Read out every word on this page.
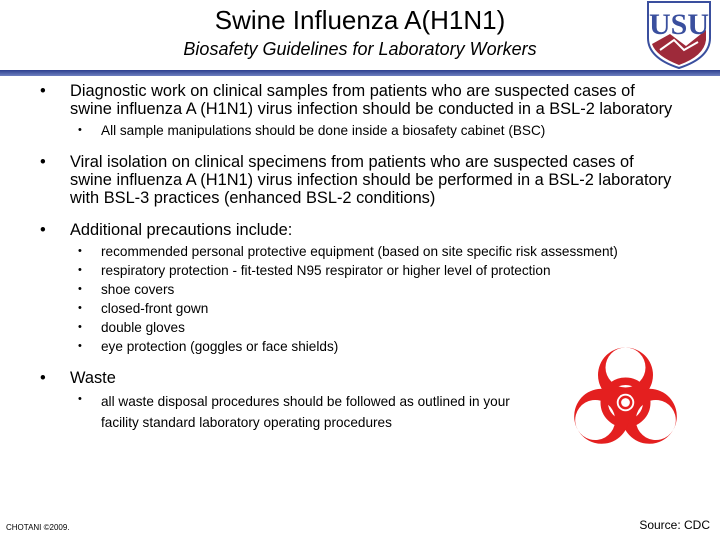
Swine Influenza A(H1N1)
Biosafety Guidelines for Laboratory Workers
USU
• Diagnostic work on clinical samples from patients who are suspected cases of swine influenza A (H1N1) virus infection should be conducted in a BSL-2 laboratory
• All sample manipulations should be done inside a biosafety cabinet (BSC)
• Viral isolation on clinical specimens from patients who are suspected cases of swine influenza A (H1N1) virus infection should be performed in a BSL-2 laboratory with BSL-3 practices (enhanced BSL-2 conditions)
• Additional precautions include:
• recommended personal protective equipment (based on site specific risk assessment)
• respiratory protection - fit-tested N95 respirator or higher level of protection
• shoe covers
• closed-front gown
• double gloves
• eye protection (goggles or face shields)
• Waste
• all waste disposal procedures should be followed as outlined in your facility standard laboratory operating procedures
CHOTANI ©2009.	Source: CDC
